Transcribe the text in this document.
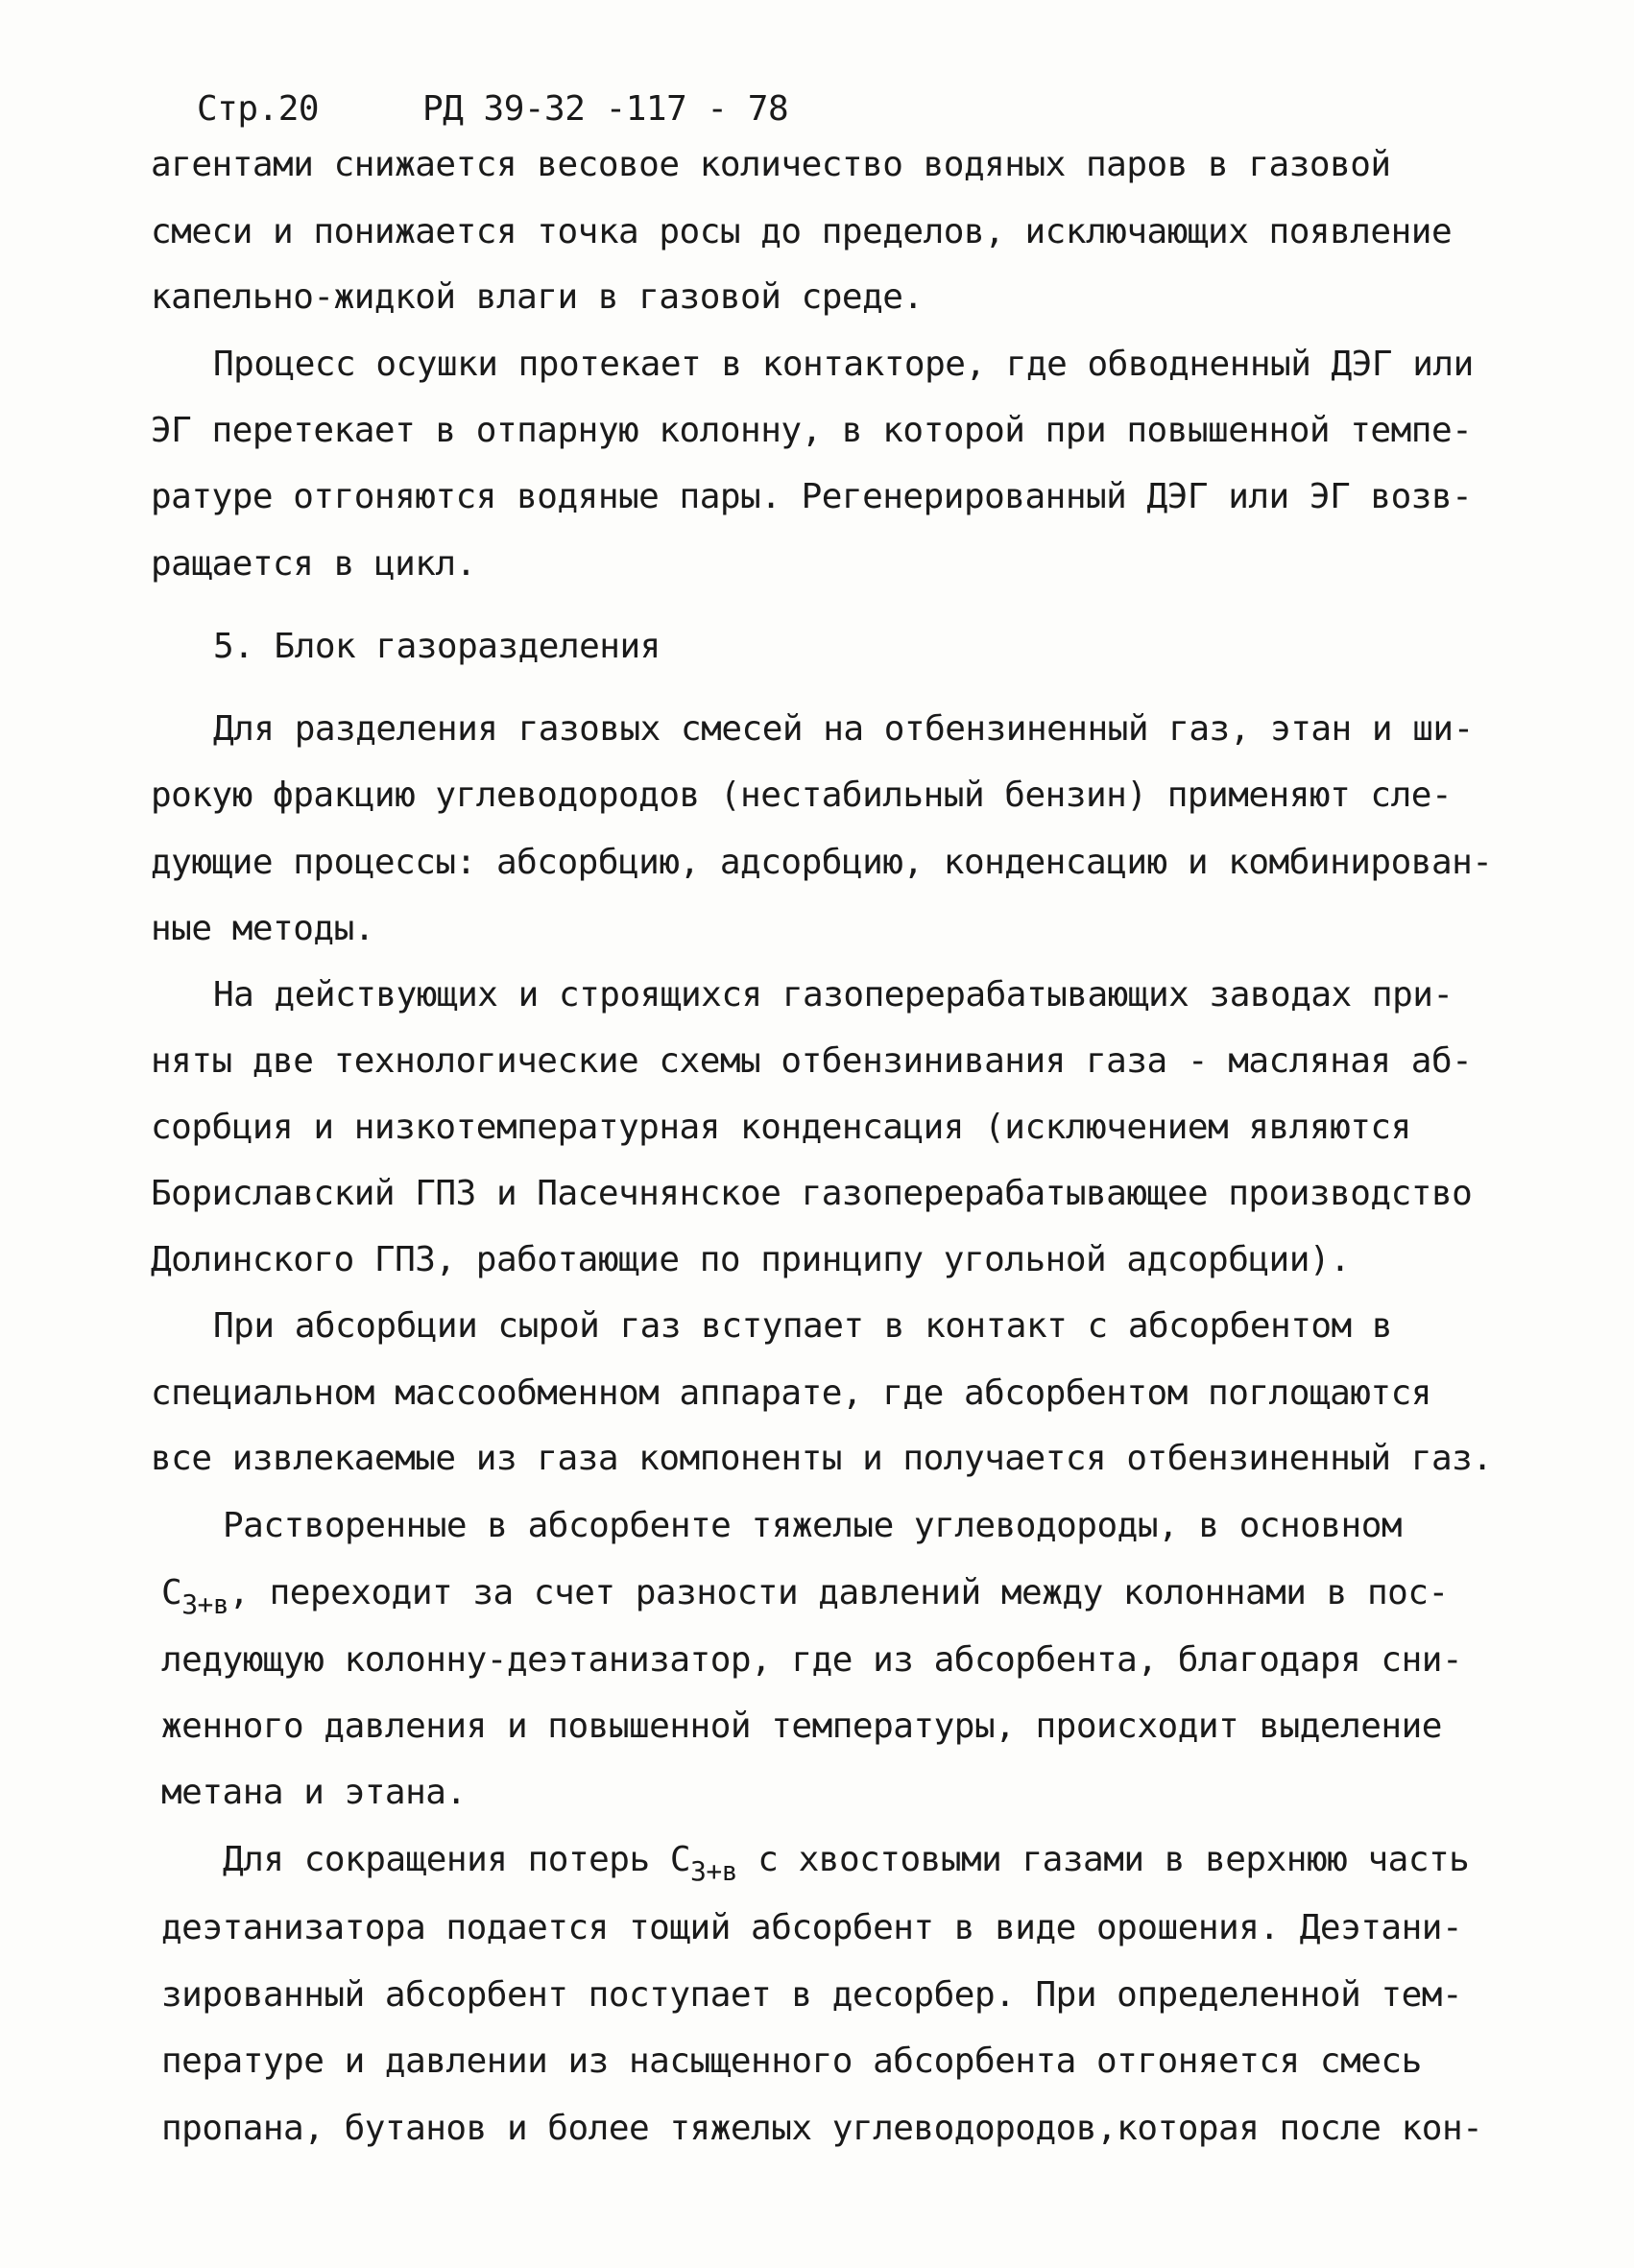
Стр.20	РД 39-32 -117 - 78
агентами снижается весовое количество водяных паров в газовой
смеси и понижается точка росы до пределов, исключающих появление
капельно-жидкой влаги в газовой среде.
Процесс осушки протекает в контакторе, где обводненный ДЭГ или
ЭГ перетекает в отпарную колонну, в которой при повышенной темпе-
ратуре отгоняются водяные пары. Регенерированный ДЭГ или ЭГ возв-
ращается в цикл.
5. Блок газоразделения
Для разделения газовых смесей на отбензиненный газ, этан и ши-
рокую фракцию углеводородов (нестабильный бензин) применяют сле-
дующие процессы: абсорбцию, адсорбцию, конденсацию и комбинирован-
ные методы.
На действующих и строящихся газоперерабатывающих заводах при-
няты две технологические схемы отбензинивания газа - масляная аб-
сорбция и низкотемпературная конденсация (исключением являются
Бориславский ГПЗ и Пасечнянское газоперерабатывающее производство
Долинского ГПЗ, работающие по принципу угольной адсорбции).
При абсорбции сырой газ вступает в контакт с абсорбентом в
специальном массообменном аппарате, где абсорбентом поглощаются
все извлекаемые из газа компоненты и получается отбензиненный газ.
Растворенные в абсорбенте тяжелые углеводороды, в основном
$С_{3+в}$, переходит за счет разности давлений между колоннами в пос-
ледующую колонну-деэтанизатор, где из абсорбента, благодаря сни-
женного давления и повышенной температуры, происходит выделение
метана и этана.
Для сокращения потерь $С_{3+в}$ с хвостовыми газами в верхнюю часть
деэтанизатора подается тощий абсорбент в виде орошения. Деэтани-
зированный абсорбент поступает в десорбер. При определенной тем-
пературе и давлении из насыщенного абсорбента отгоняется смесь
пропана, бутанов и более тяжелых углеводородов,которая после кон-
